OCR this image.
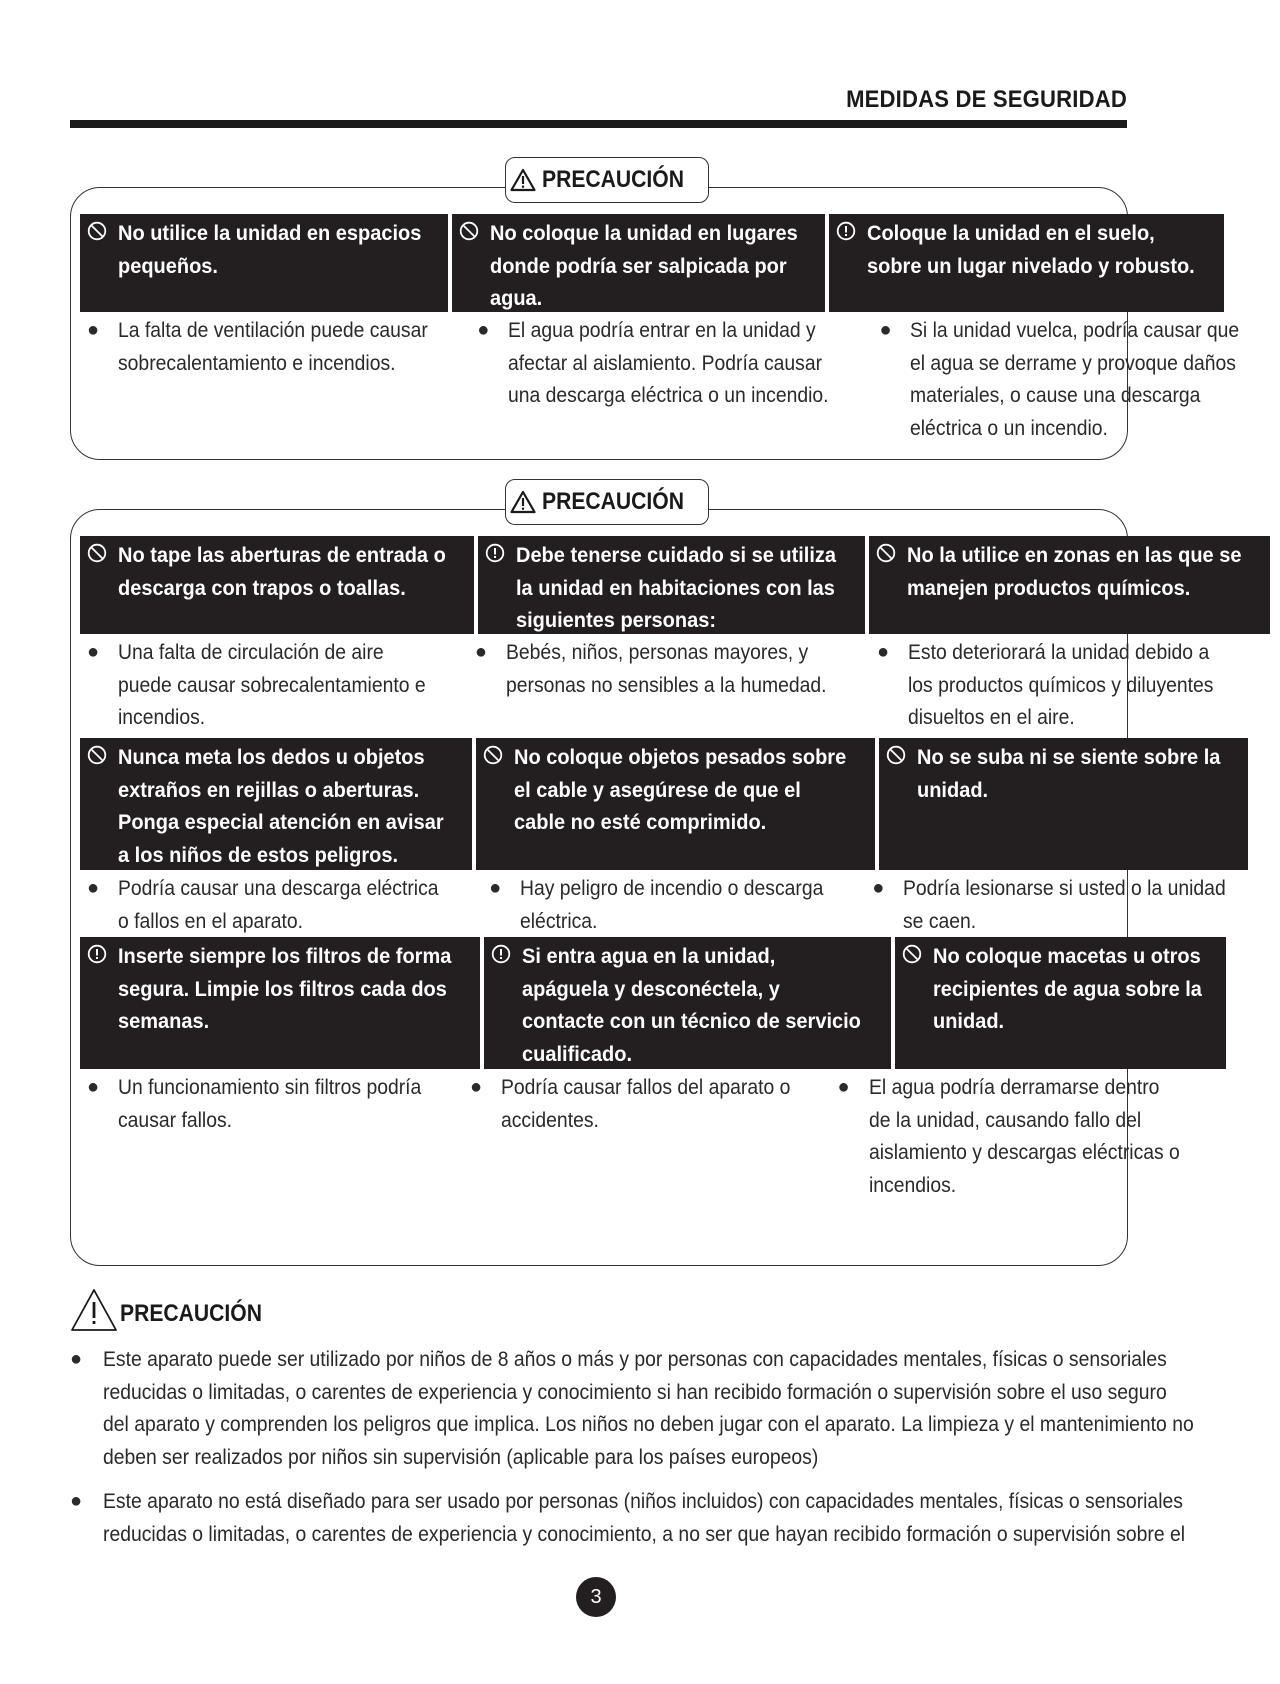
MEDIDAS DE SEGURIDAD
PRECAUCIÓN
No utilice la unidad en espacios
pequeños.
No coloque la unidad en lugares
donde podría ser salpicada por
agua.
Coloque la unidad en el suelo,
sobre un lugar nivelado y robusto.
● La falta de ventilación puede causar
sobrecalentamiento e incendios.
● El agua podría entrar en la unidad y
afectar al aislamiento. Podría causar
una descarga eléctrica o un incendio.
● Si la unidad vuelca, podría causar que
el agua se derrame y provoque daños
materiales, o cause una descarga
eléctrica o un incendio.
PRECAUCIÓN
No tape las aberturas de entrada o
descarga con trapos o toallas.
Debe tenerse cuidado si se utiliza
la unidad en habitaciones con las
siguientes personas:
No la utilice en zonas en las que se
manejen productos químicos.
● Una falta de circulación de aire
puede causar sobrecalentamiento e
incendios.
● Bebés, niños, personas mayores, y
personas no sensibles a la humedad.
● Esto deteriorará la unidad debido a
los productos químicos y diluyentes
disueltos en el aire.
Nunca meta los dedos u objetos
extraños en rejillas o aberturas.
Ponga especial atención en avisar
a los niños de estos peligros.
No coloque objetos pesados sobre
el cable y asegúrese de que el
cable no esté comprimido.
No se suba ni se siente sobre la
unidad.
● Podría causar una descarga eléctrica
o fallos en el aparato.
● Hay peligro de incendio o descarga
eléctrica.
● Podría lesionarse si usted o la unidad
se caen.
Inserte siempre los filtros de forma
segura. Limpie los filtros cada dos
semanas.
Si entra agua en la unidad,
apáguela y desconéctela, y
contacte con un técnico de servicio
cualificado.
No coloque macetas u otros
recipientes de agua sobre la
unidad.
● Un funcionamiento sin filtros podría
causar fallos.
● Podría causar fallos del aparato o
accidentes.
● El agua podría derramarse dentro
de la unidad, causando fallo del
aislamiento y descargas eléctricas o
incendios.
PRECAUCIÓN
● Este aparato puede ser utilizado por niños de 8 años o más y por personas con capacidades mentales, físicas o sensoriales
reducidas o limitadas, o carentes de experiencia y conocimiento si han recibido formación o supervisión sobre el uso seguro
del aparato y comprenden los peligros que implica. Los niños no deben jugar con el aparato. La limpieza y el mantenimiento no
deben ser realizados por niños sin supervisión (aplicable para los países europeos)
● Este aparato no está diseñado para ser usado por personas (niños incluidos) con capacidades mentales, físicas o sensoriales
reducidas o limitadas, o carentes de experiencia y conocimiento, a no ser que hayan recibido formación o supervisión sobre el
3
